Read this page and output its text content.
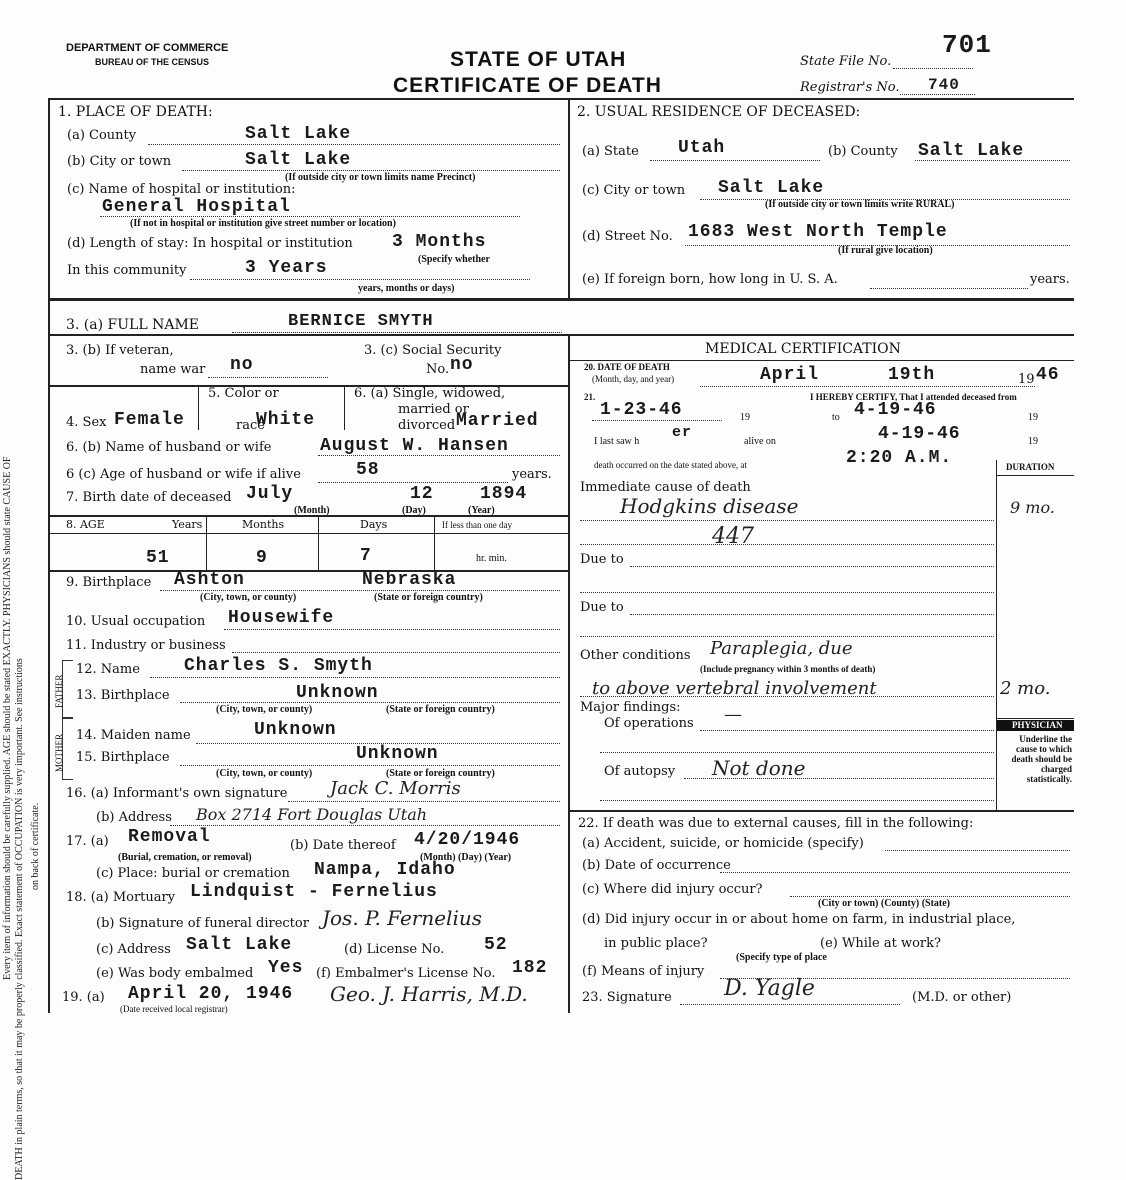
DEATH in plain terms, so that it may be properly classified. Exact statement of OCCUPATION is very important. See instructions
Every item of information should be carefully supplied. AGE should be stated EXACTLY. PHYSICIANS should state CAUSE OF on back of certificate.
DEPARTMENT OF COMMERCE
BUREAU OF THE CENSUS	STATE OF UTAH
CERTIFICATE OF DEATH
State File No.
701
Registrar's No. 740
1. PLACE OF DEATH:
(a) County	Salt Lake
(b) City or town	Salt Lake
(If outside city or town limits name Precinct)
(c) Name of hospital or institution:
General Hospital
(If not in hospital or institution give street number or location)
(d) Length of stay: In hospital or institution 3 Months
(Specify whether
In this community	3 Years
years, months or days)
2. USUAL RESIDENCE OF DECEASED:
(a) State Utah	(b) County Salt Lake
(c) City or town Salt Lake
(If outside city or town limits write RURAL)
(d) Street No. 1683 West North Temple
(If rural give location)
(e) If foreign born, how long in U. S. A.	years.
3. (a) FULL NAME	BERNICE SMYTH
3. (b) If veteran,
name war no
3. (c) Social Security
No. no
4. Sex Female
5. Color or
race
White
6. (a) Single, widowed,
married or
divorced Married
6. (b) Name of husband or wife	August W. Hansen
6 (c) Age of husband or wife if alive	58	years.
7. Birth date of deceased July	12	1894
(Month)	(Day)	(Year)
8. AGE	Years	Months	Days	If less than one day
51	9	7	hr. min.
9. Birthplace Ashton	Nebraska
(City, town, or county)	(State or foreign country)
10. Usual occupation Housewife
11. Industry or business
FATHER
MOTHER
12. Name Charles S. Smyth
13. Birthplace	Unknown
(City, town, or county)	(State or foreign country)
14. Maiden name	Unknown
15. Birthplace	Unknown
(City, town, or county)	(State or foreign country)
16. (a) Informant's own signature Jack C. Morris
(b) Address Box 2714 Fort Douglas Utah
17. (a) Removal
(Burial, cremation, or removal)
(b) Date thereof 4/20/1946
(Month) (Day) (Year)
(c) Place: burial or cremation Nampa, Idaho
18. (a) Mortuary Lindquist - Fernelius
(b) Signature of funeral director Jos. P. Fernelius
(c) Address Salt Lake	(d) License No. 52
(e) Was body embalmed Yes (f) Embalmer's License No. 182
19. (a) April 20, 1946
(Date received local registrar)
Geo. J. Harris, M.D.
MEDICAL CERTIFICATION
20. DATE OF DEATH
(Month, day, and year)	April	19th	19 46
21.	I HEREBY CERTIFY, That I attended deceased from
1-23-46	19	to 4-19-46	19
I last saw h
er
alive on	4-19-46	19
death occurred on the date stated above, at	2:20 A.M.	DURATION
Immediate cause of death
Hodgkins disease
447
9 mo.
Due to
Due to
Other conditions Paraplegia, due
(Include pregnancy within 3 months of death)
to above vertebral involvement	2 mo.
Major findings:
Of operations —
Of autopsy Not done
PHYSICIAN
Underline the cause to which death should be charged statistically.
22. If death was due to external causes, fill in the following:
(a) Accident, suicide, or homicide (specify)
(b) Date of occurrence
(c) Where did injury occur?
(City or town) (County) (State)
(d) Did injury occur in or about home on farm, in industrial place,
in public place?	(e) While at work?
(Specify type of place
(f) Means of injury
23. Signature D. Yagle	(M.D. or other)
